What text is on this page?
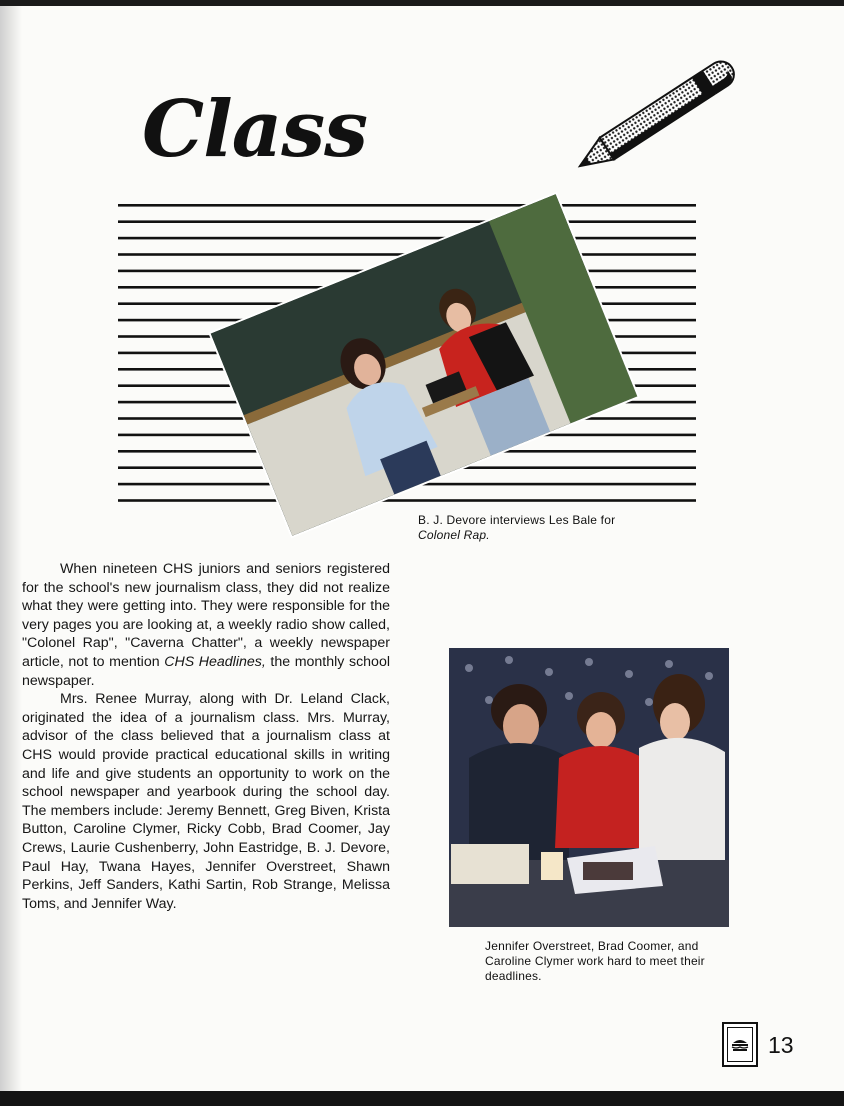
Class
B. J. Devore interviews Les Bale for
Colonel Rap.

When nineteen CHS juniors and seniors registered for the school's new journalism class, they did not realize what they were getting into. They were responsible for the very pages you are looking at, a weekly radio show called, "Colonel Rap", "Caverna Chatter", a weekly newspaper article, not to mention CHS Headlines, the monthly school newspaper.

Mrs. Renee Murray, along with Dr. Leland Clack, originated the idea of a journalism class. Mrs. Murray, advisor of the class believed that a journalism class at CHS would provide practical educational skills in writing and life and give students an opportunity to work on the school newspaper and yearbook during the school day. The members include: Jeremy Bennett, Greg Biven, Krista Button, Caroline Clymer, Ricky Cobb, Brad Coomer, Jay Crews, Laurie Cushenberry, John Eastridge, B. J. Devore, Paul Hay, Twana Hayes, Jennifer Overstreet, Shawn Perkins, Jeff Sanders, Kathi Sartin, Rob Strange, Melissa Toms, and Jennifer Way.

Jennifer Overstreet, Brad Coomer, and Caroline Clymer work hard to meet their deadlines.
13
